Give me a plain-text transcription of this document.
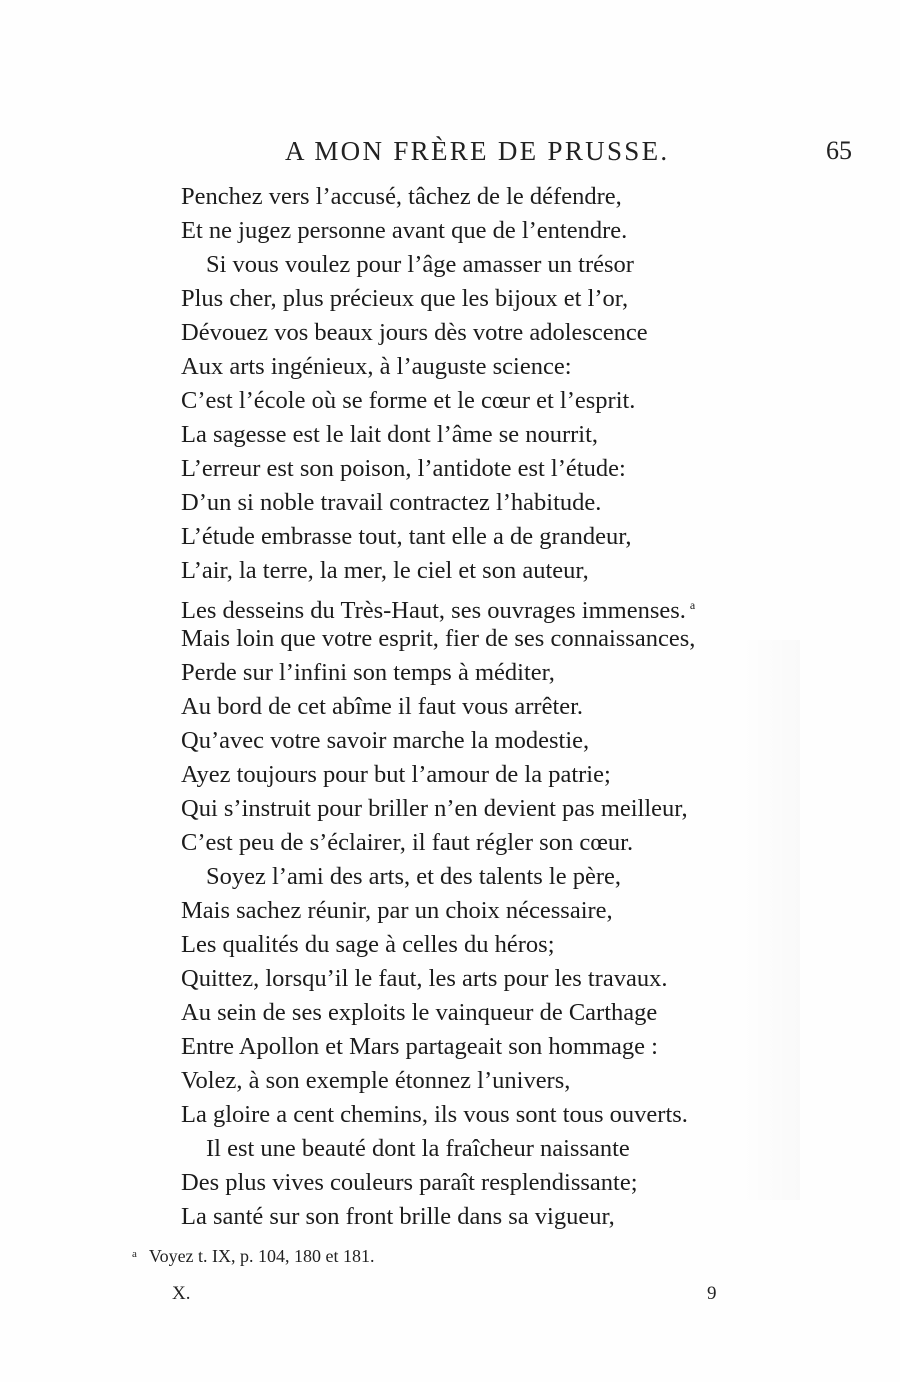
A MON FRÈRE DE PRUSSE.	65
Penchez vers l’accusé, tâchez de le défendre,
Et ne jugez personne avant que de l’entendre.
Si vous voulez pour l’âge amasser un trésor
Plus cher, plus précieux que les bijoux et l’or,
Dévouez vos beaux jours dès votre adolescence
Aux arts ingénieux, à l’auguste science:
C’est l’école où se forme et le cœur et l’esprit.
La sagesse est le lait dont l’âme se nourrit,
L’erreur est son poison, l’antidote est l’étude:
D’un si noble travail contractez l’habitude.
L’étude embrasse tout, tant elle a de grandeur,
L’air, la terre, la mer, le ciel et son auteur,
Les desseins du Très-Haut, ses ouvrages immenses. $^a$
Mais loin que votre esprit, fier de ses connaissances,
Perde sur l’infini son temps à méditer,
Au bord de cet abîme il faut vous arrêter.
Qu’avec votre savoir marche la modestie,
Ayez toujours pour but l’amour de la patrie;
Qui s’instruit pour briller n’en devient pas meilleur,
C’est peu de s’éclairer, il faut régler son cœur.
Soyez l’ami des arts, et des talents le père,
Mais sachez réunir, par un choix nécessaire,
Les qualités du sage à celles du héros;
Quittez, lorsqu’il le faut, les arts pour les travaux.
Au sein de ses exploits le vainqueur de Carthage
Entre Apollon et Mars partageait son hommage :
Volez, à son exemple étonnez l’univers,
La gloire a cent chemins, ils vous sont tous ouverts.
Il est une beauté dont la fraîcheur naissante
Des plus vives couleurs paraît resplendissante;
La santé sur son front brille dans sa vigueur,
$^a$ Voyez t. IX, p. 104, 180 et 181.
X.	9
